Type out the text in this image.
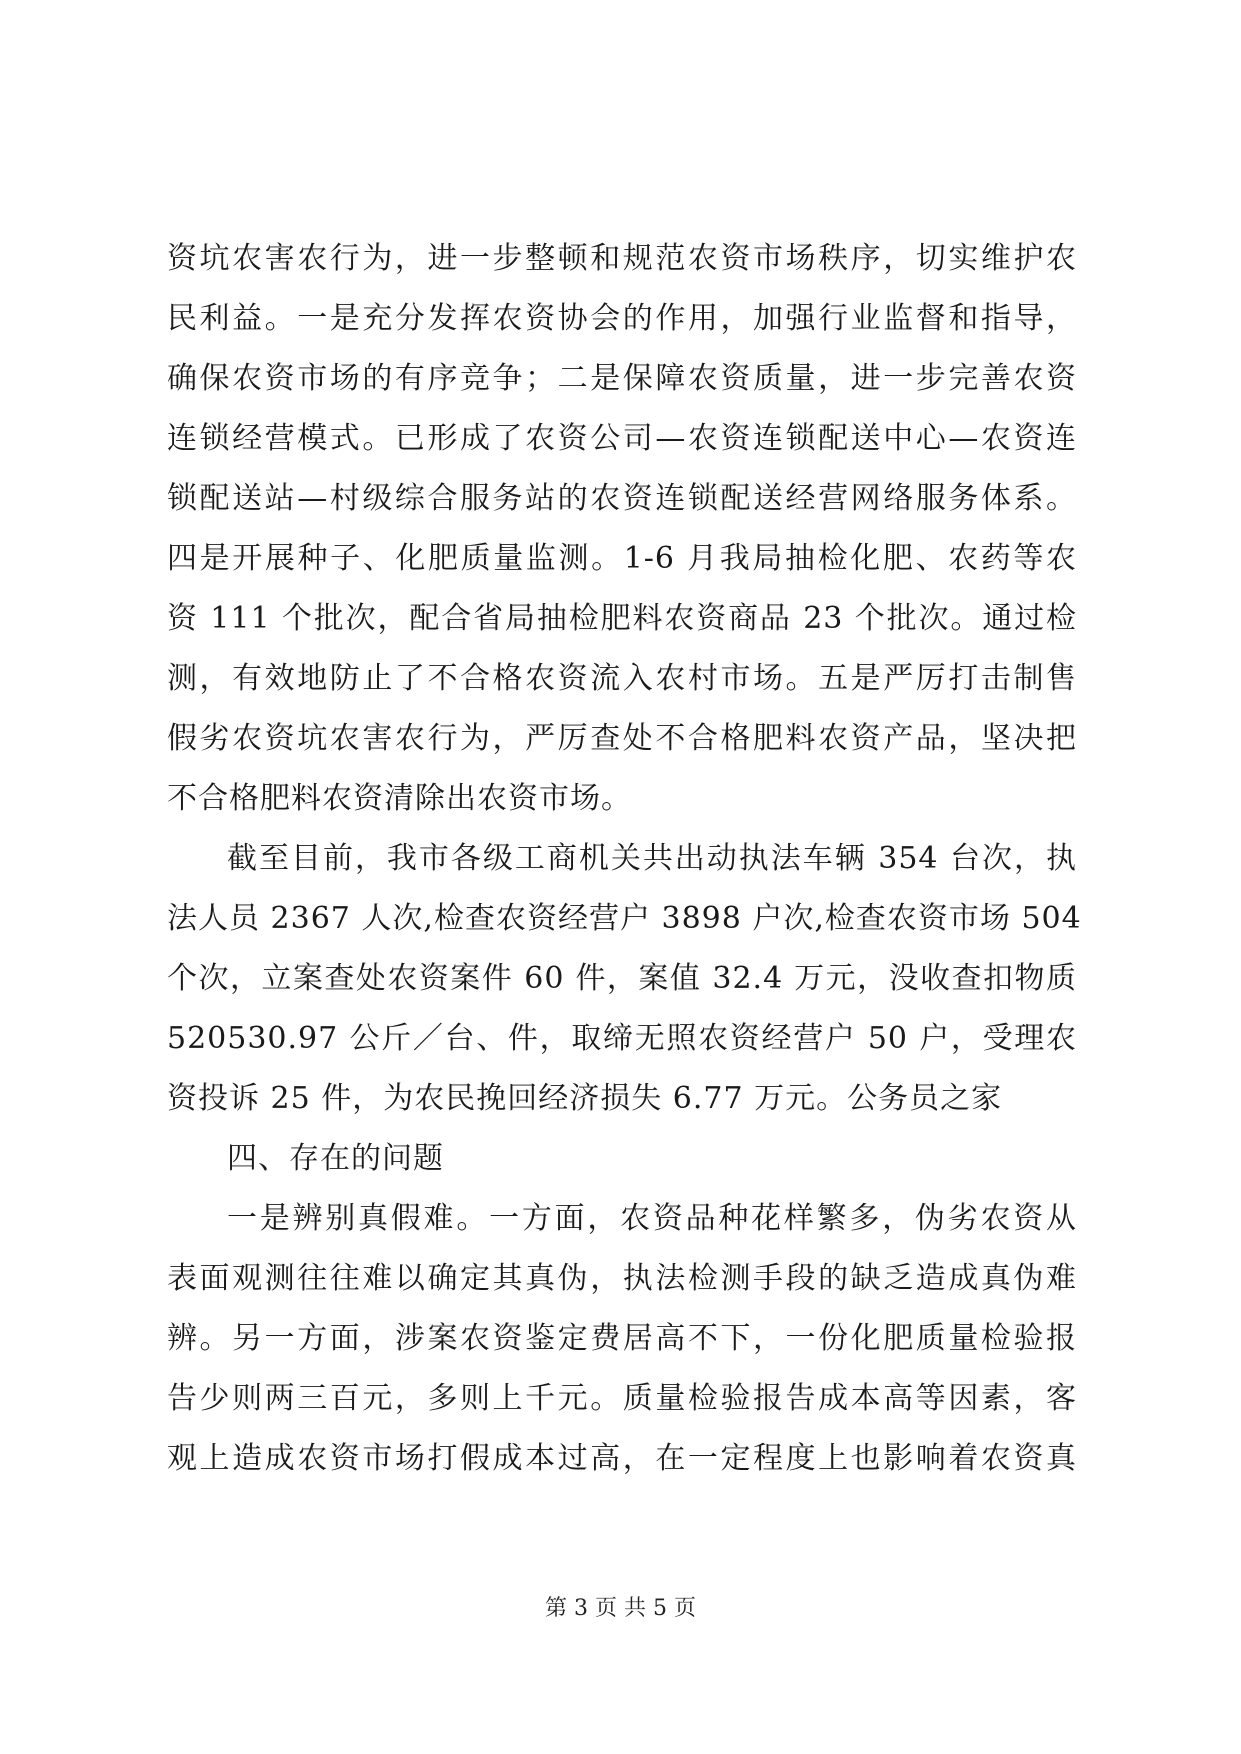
资坑农害农行为，进一步整顿和规范农资市场秩序，切实维护农
民利益。一是充分发挥农资协会的作用，加强行业监督和指导，
确保农资市场的有序竞争；二是保障农资质量，进一步完善农资
连锁经营模式。已形成了农资公司—农资连锁配送中心—农资连
锁配送站—村级综合服务站的农资连锁配送经营网络服务体系。
四是开展种子、化肥质量监测。1-6 月我局抽检化肥、农药等农
资 111 个批次，配合省局抽检肥料农资商品 23 个批次。通过检
测，有效地防止了不合格农资流入农村市场。五是严厉打击制售
假劣农资坑农害农行为，严厉查处不合格肥料农资产品，坚决把
不合格肥料农资清除出农资市场。
截至目前，我市各级工商机关共出动执法车辆 354 台次，执
法人员 2367 人次,检查农资经营户 3898 户次,检查农资市场 504
个次，立案查处农资案件 60 件，案值 32.4 万元，没收查扣物质
520530.97 公斤／台、件，取缔无照农资经营户 50 户，受理农
资投诉 25 件，为农民挽回经济损失 6.77 万元。公务员之家
四、存在的问题
一是辨别真假难。一方面，农资品种花样繁多，伪劣农资从
表面观测往往难以确定其真伪，执法检测手段的缺乏造成真伪难
辨。另一方面，涉案农资鉴定费居高不下，一份化肥质量检验报
告少则两三百元，多则上千元。质量检验报告成本高等因素，客
观上造成农资市场打假成本过高，在一定程度上也影响着农资真
第 3 页 共 5 页
